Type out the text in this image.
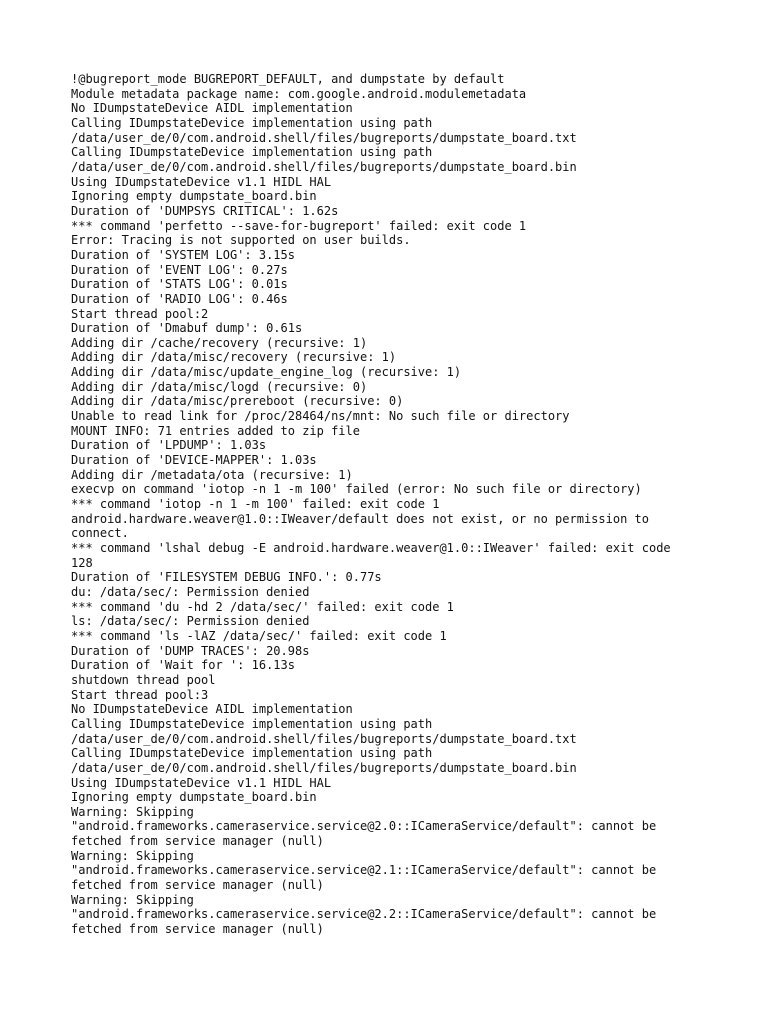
!@bugreport_mode BUGREPORT_DEFAULT, and dumpstate by default
Module metadata package name: com.google.android.modulemetadata
No IDumpstateDevice AIDL implementation
Calling IDumpstateDevice implementation using path
/data/user_de/0/com.android.shell/files/bugreports/dumpstate_board.txt
Calling IDumpstateDevice implementation using path
/data/user_de/0/com.android.shell/files/bugreports/dumpstate_board.bin
Using IDumpstateDevice v1.1 HIDL HAL
Ignoring empty dumpstate_board.bin
Duration of 'DUMPSYS CRITICAL': 1.62s
*** command 'perfetto --save-for-bugreport' failed: exit code 1
Error: Tracing is not supported on user builds.
Duration of 'SYSTEM LOG': 3.15s
Duration of 'EVENT LOG': 0.27s
Duration of 'STATS LOG': 0.01s
Duration of 'RADIO LOG': 0.46s
Start thread pool:2
Duration of 'Dmabuf dump': 0.61s
Adding dir /cache/recovery (recursive: 1)
Adding dir /data/misc/recovery (recursive: 1)
Adding dir /data/misc/update_engine_log (recursive: 1)
Adding dir /data/misc/logd (recursive: 0)
Adding dir /data/misc/prereboot (recursive: 0)
Unable to read link for /proc/28464/ns/mnt: No such file or directory
MOUNT INFO: 71 entries added to zip file
Duration of 'LPDUMP': 1.03s
Duration of 'DEVICE-MAPPER': 1.03s
Adding dir /metadata/ota (recursive: 1)
execvp on command 'iotop -n 1 -m 100' failed (error: No such file or directory)
*** command 'iotop -n 1 -m 100' failed: exit code 1
android.hardware.weaver@1.0::IWeaver/default does not exist, or no permission to
connect.
*** command 'lshal debug -E android.hardware.weaver@1.0::IWeaver' failed: exit code
128
Duration of 'FILESYSTEM DEBUG INFO.': 0.77s
du: /data/sec/: Permission denied
*** command 'du -hd 2 /data/sec/' failed: exit code 1
ls: /data/sec/: Permission denied
*** command 'ls -lAZ /data/sec/' failed: exit code 1
Duration of 'DUMP TRACES': 20.98s
Duration of 'Wait for ': 16.13s
shutdown thread pool
Start thread pool:3
No IDumpstateDevice AIDL implementation
Calling IDumpstateDevice implementation using path
/data/user_de/0/com.android.shell/files/bugreports/dumpstate_board.txt
Calling IDumpstateDevice implementation using path
/data/user_de/0/com.android.shell/files/bugreports/dumpstate_board.bin
Using IDumpstateDevice v1.1 HIDL HAL
Ignoring empty dumpstate_board.bin
Warning: Skipping
"android.frameworks.cameraservice.service@2.0::ICameraService/default": cannot be
fetched from service manager (null)
Warning: Skipping
"android.frameworks.cameraservice.service@2.1::ICameraService/default": cannot be
fetched from service manager (null)
Warning: Skipping
"android.frameworks.cameraservice.service@2.2::ICameraService/default": cannot be
fetched from service manager (null)
